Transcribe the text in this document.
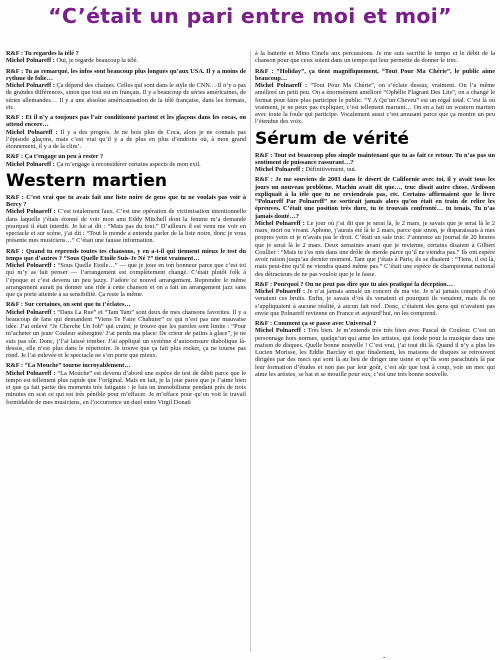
“C’était un pari entre moi et moi”
R&F : Tu regardes la télé ?
Michel Polnareff : Oui, je regarde beaucoup la télé.
R&F : Tu as remarqué, les infos sont beaucoup plus longues qu’aux USA. Il y a moins de rythme de folie…
Michel Polnareff : Ça dépend des chaînes. Celles qui sont dans le style de CNN… Il n’y a pas de grandes différences, sinon que tout est en français. Il y a beaucoup de séries américaines, de séries allemandes… Il y a une absolue américanisation de la télé française, dans les formats, etc.
R&F : Et il n’y a toujours pas l’air conditionné partout et les glaçons dans les cocas, on attend encore…
Michel Polnareff : Il y a des progrès. Je ne bois plus de Coca, alors je ne connais pas l’épisode glaçons, mais c’est vrai qu’il y a de plus en plus d’endroits où, à mon grand étonnement, il y a de la clim’.
R&F : Ça t’engage un peu à rester ?
Michel Polnareff : Ça m’engage à reconsidérer certains aspects de mon exil.
Western martien
R&F : C’est vrai que tu avais fait une liste noire de gens que tu ne voulais pas voir à Bercy ?
Michel Polnareff : C’est totalement faux. C’est une opération de victimisation intentionnelle dans laquelle j’étais étonné de voir mon ami Eddy Mitchell dont la femme m’a demandé pourquoi il était interdit. Je lui ai dit : “Mais pas du tout.” D’ailleurs il est venu me voir en spectacle et sur scène, j’ai dit : “Tout le monde a entendu parler de la liste noire, donc je vous présente mes musiciens…” C’était une fausse information.
R&F : Quand tu reprends toutes tes chansons, y en a-t-il qui tiennent mieux le test du temps que d’autres ? “Sous Quelle Etoile Suis-Je Né ?” tient vraiment…
Michel Polnareff : “Sous Quelle Etoile…” — que je joue en ton honneur parce que c’est toi qui m’y as fait penser — l’arrangement est complètement changé. C’était plutôt folk à l’époque et c’est devenu un peu jazzy. J’adore ce nouvel arrangement. Reprendre le même arrangement aurait pu donner une ride à cette chanson et on a fait un arrangement jazz sans que ça porte atteinte à sa sensibilité. Ça reste la même.
R&F : Sur certaines, on sent que tu t’éclates…
Michel Polnareff : “Dans La Rue” et “Tam Tam” sont deux de mes chansons favorites. Il y a beaucoup de fans qui demandent “Viens Te Faire Chahuter” ce qui n’est pas une mauvaise idée. J’ai enlevé “Je Cherche Un Job” qui craint, je trouve que les paroles sont limite : “Pour m’acheter un jean/ Couleur aubergine/ J’ai perdu ma place/ De crieur de patins à glace”, je ne suis pas sûr. Donc, j’l’ai laissé tomber. J’ai appliqué un système d’autocensure diabolique là-dessus, elle n’est plus dans le répertoire. Je trouve que ça fait plus rocker, ça ne tourne pas rond. Je l’ai enlevée et le spectacle ne s’en porte que mieux.
R&F : “La Mouche” tourne incroyablement…
Michel Polnareff : “La Mouche” est devenu d’abord une espèce de test de débit parce que le tempo est tellement plus rapide que l’original. Mais en fait, je la joue parce que je l’aime bien et que ça fait partie des moments très fatigants : je fais un immobilisme pendant près de trois minutes en scat ce qui est très pénible pour m’effacer. Je m’efface pour qu’on voit le travail formidable de mes musiciens, en l’occurrence un duel entre Virgil Donati
à la batterie et Mino Cinelu aux percussions. Je me suis sacrifié le tempo et le débit de la chanson pour que ceux soient dans un tempo qui leur permette de donner le truc.
R&F : “Holiday”, ça tient magnifiquement, “Tout Pour Ma Chérie”, le public aime beaucoup…
Michel Polnareff : “Tout Pour Ma Chérie”, on s’éclate dessus, vraiment. On l’a même amélioré un petit peu. On a énormément amélioré “Ophélie Flagrant Des Lits”, on a changé le format pour faire plus participer le public. “Y A Qu’un Cheveu” est un régal total. C’est là où vraiment, je ne peux pas expliquer, c’est tellement marrant… On en a fait un western martien avec toute la foule qui participe. Vocalement aussi c’est amusant parce que ça montre un peu l’étendue des voix.
Sérum de vérité
R&F : Tout est beaucoup plus simple maintenant que tu as fait ce retour. Tu n’as pas un sentiment de puissance rassurant…?
Michel Polnareff : Définitivement, oui.
R&F : Je me souviens de 2003 dans le désert de Californie avec toi, il y avait tous les jours un nouveau problème. Machin avait dit que…, truc disait autre chose, Ardisson expliquait à la télé que tu ne reviendrais pas, etc. Certains affirmaient que le livre “Polnareff Par Polnareff” ne sortirait jamais alors qu’on était en train de relire les épreuves. C’était une position très dure, tu te trouvais confronté… tu tenais. Tu n’as jamais douté…?
Michel Polnareff : Le jour où j’ai dit que je serai là, le 2 mars, je savais que je serai là le 2 mars, mort ou vivant. Aphone, j’aurais été là le 2 mars, parce que sinon, je disparaissais à mes propres yeux et je n’avais pas le droit. C’était un sale truc. J’annonce au journal de 20 heures que je serai là le 2 mars. Deux semaines avant que je revienne, certains disaient à Gilbert Coullier : “Mais tu t’es mis dans une drôle de merde parce qu’il ne viendra pas.” Ils ont espéré avoir raison jusqu’au dernier moment. Tant que j’étais à Paris, ils se disaient : “Tiens, il est là, mais peut-être qu’il ne viendra quand même pas.” C’était une espèce de championnat national des détracteurs de ne pas vouloir que je le fasse.
R&F : Pourquoi ? On ne peut pas dire que tu aies pratiqué la déception…
Michel Polnareff : Je n’ai jamais annulé un concert de ma vie. Je n’ai jamais compris d’où venaient ces bruits. Enfin, je savais d’où ils venaient et pourquoi ils venaient, mais ils ne s’appliquaient à aucune réalité, à aucun fait réel. Donc, c’étaient des gens qui n’avaient pas envie que Polnareff revienne en France et aujourd’hui, on les comprend.
R&F : Comment ça se passe avec Universal ?
Michel Polnareff : Très bien. Je m’entends très très bien avec Pascal de Couleur. C’est un personnage hors normes, quelqu’un qui aime les artistes, qui fonde pour la musique dans une maison de disques. Quelle bonne nouvelle ! C’est vrai, j’ai tout dit là. Quand il n’y a plus les Lucien Morisse, les Eddie Barclay et que finalement, les maisons de disques se retrouvent dirigées par des mecs qui sont là au lieu de diriger une usine et qu’ils sont parachutés là par leur formation d’études et non pas par leur goût, c’est sûr que tout à coup, voir un mec qui aime les artistes, se bat et se mouille pour eux, c’est une très bonne nouvelle.
.
